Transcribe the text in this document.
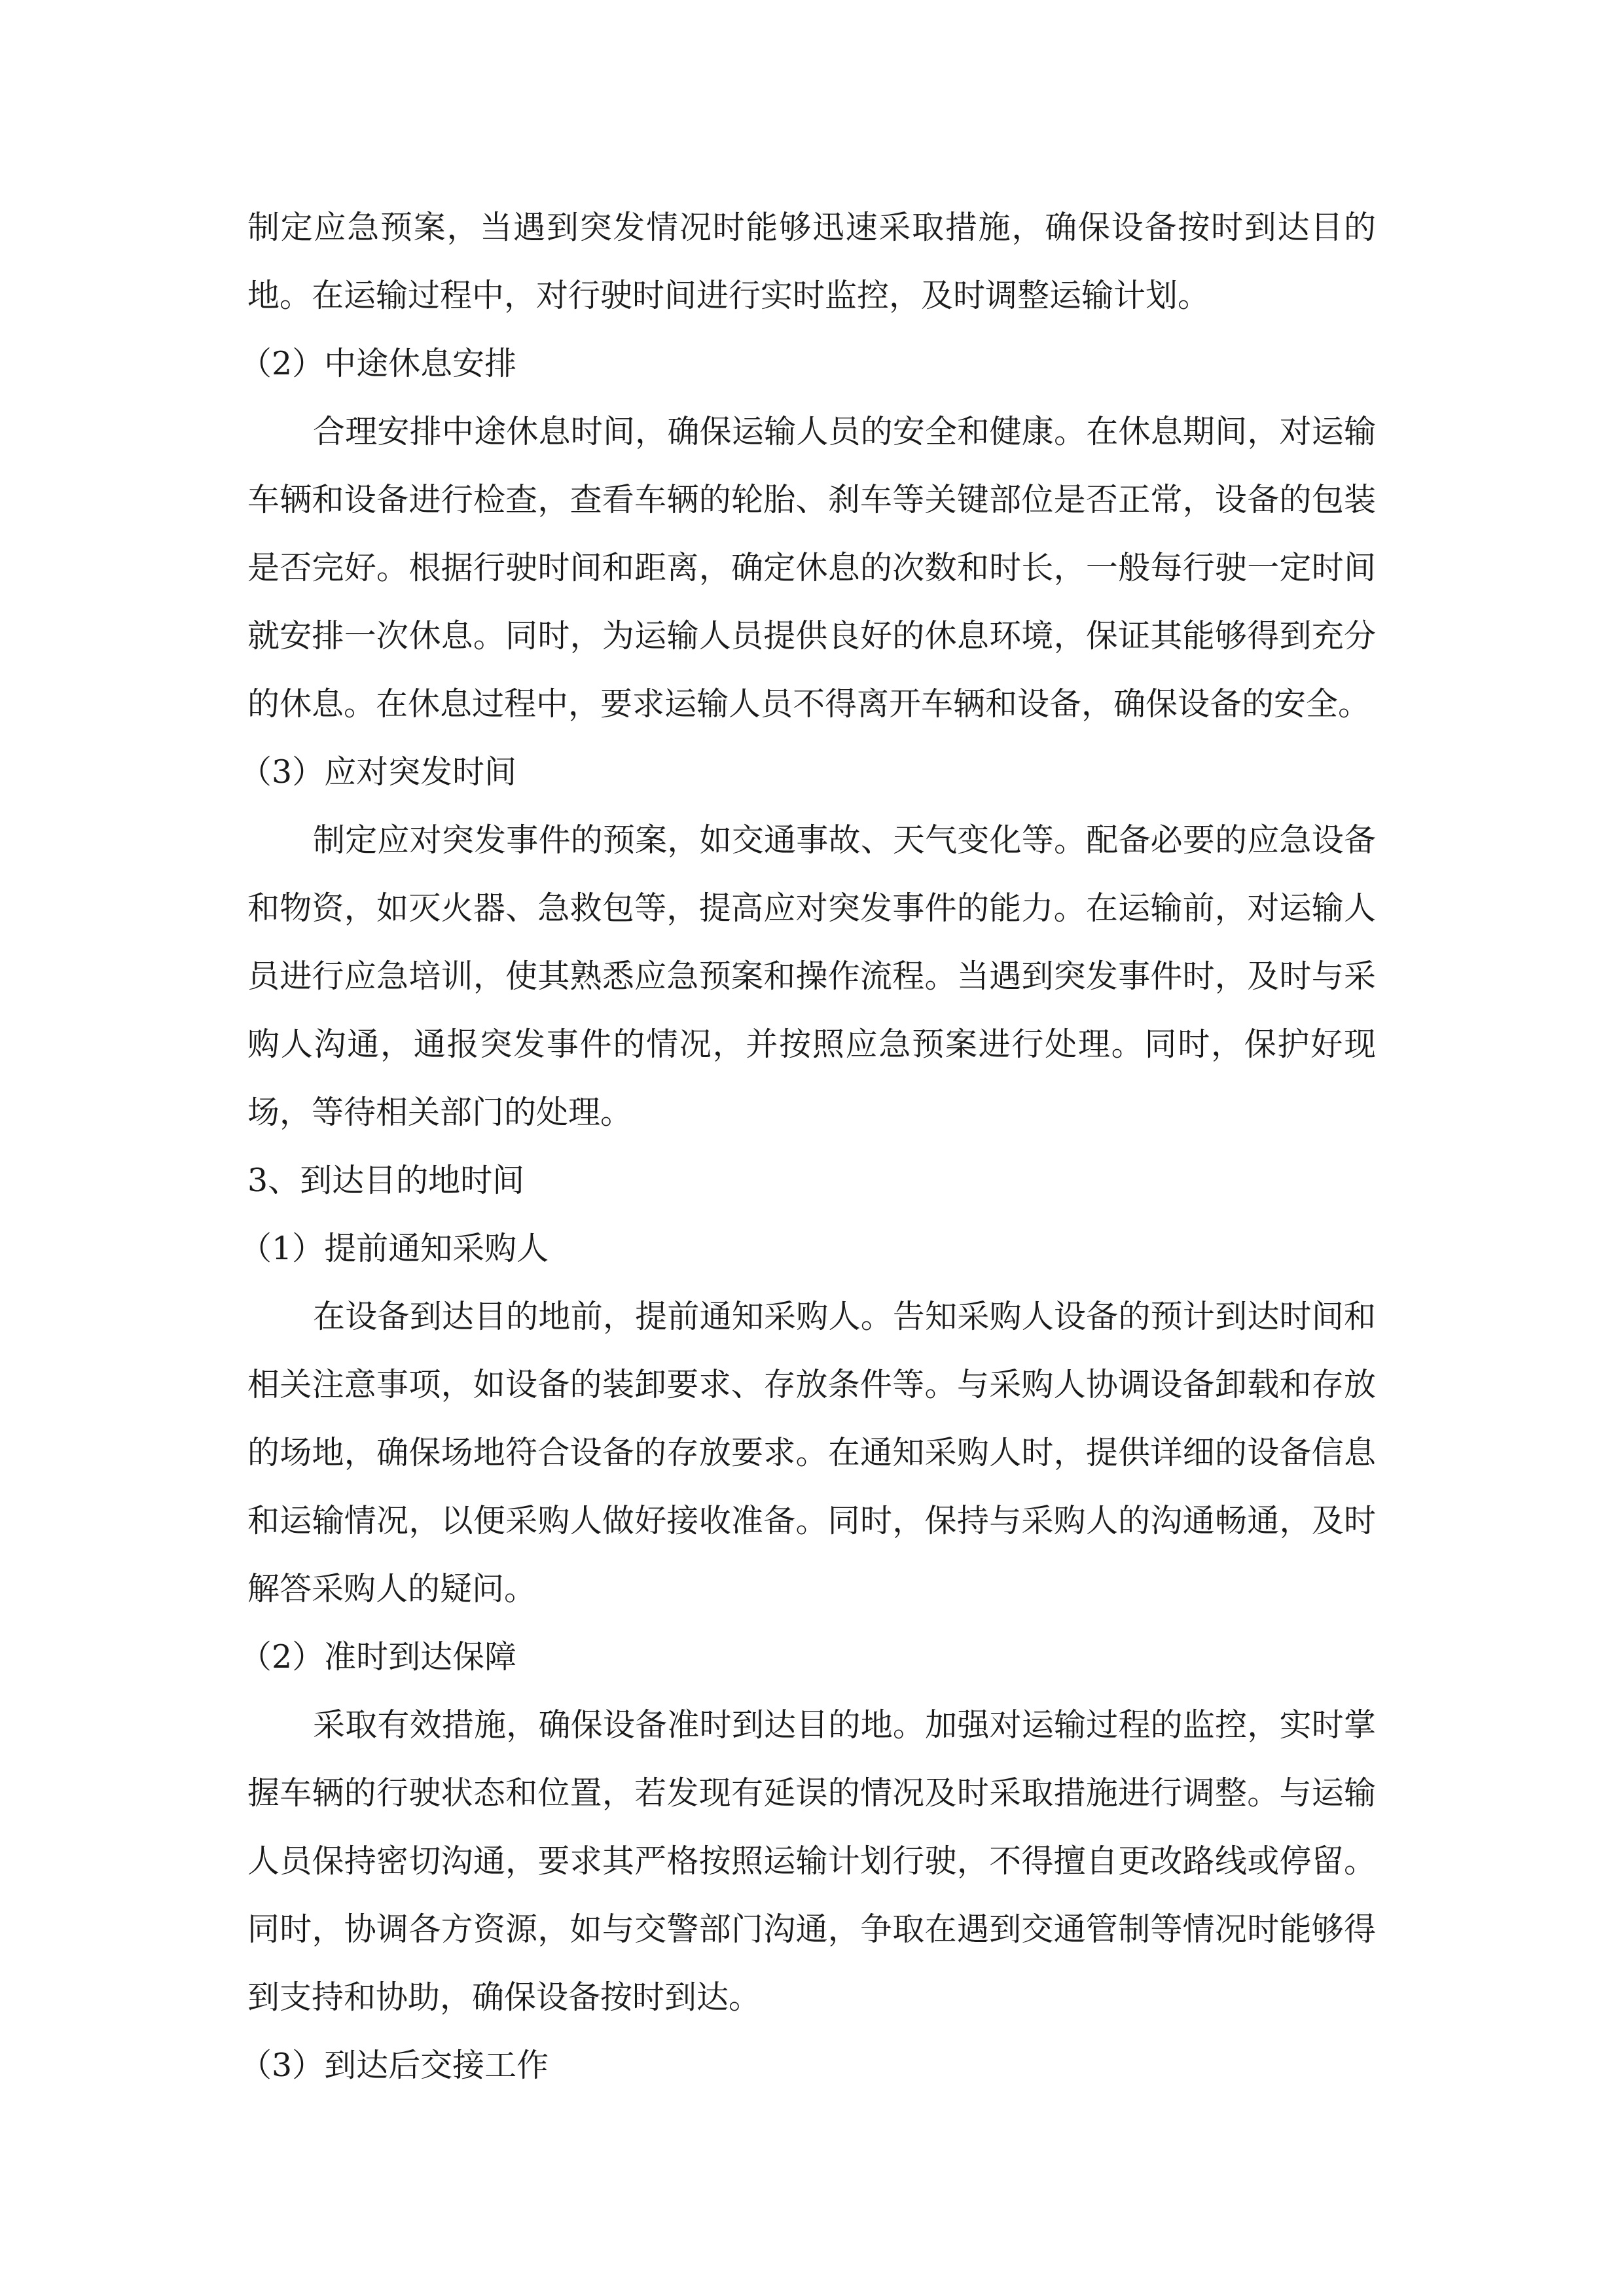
制定应急预案，当遇到突发情况时能够迅速采取措施，确保设备按时到达目的地。在运输过程中，对行驶时间进行实时监控，及时调整运输计划。

（2）中途休息安排

合理安排中途休息时间，确保运输人员的安全和健康。在休息期间，对运输车辆和设备进行检查，查看车辆的轮胎、刹车等关键部位是否正常，设备的包装是否完好。根据行驶时间和距离，确定休息的次数和时长，一般每行驶一定时间就安排一次休息。同时，为运输人员提供良好的休息环境，保证其能够得到充分的休息。在休息过程中，要求运输人员不得离开车辆和设备，确保设备的安全。

（3）应对突发时间

制定应对突发事件的预案，如交通事故、天气变化等。配备必要的应急设备和物资，如灭火器、急救包等，提高应对突发事件的能力。在运输前，对运输人员进行应急培训，使其熟悉应急预案和操作流程。当遇到突发事件时，及时与采购人沟通，通报突发事件的情况，并按照应急预案进行处理。同时，保护好现场，等待相关部门的处理。

3、到达目的地时间

（1）提前通知采购人

在设备到达目的地前，提前通知采购人。告知采购人设备的预计到达时间和相关注意事项，如设备的装卸要求、存放条件等。与采购人协调设备卸载和存放的场地，确保场地符合设备的存放要求。在通知采购人时，提供详细的设备信息和运输情况，以便采购人做好接收准备。同时，保持与采购人的沟通畅通，及时解答采购人的疑问。

（2）准时到达保障

采取有效措施，确保设备准时到达目的地。加强对运输过程的监控，实时掌握车辆的行驶状态和位置，若发现有延误的情况及时采取措施进行调整。与运输人员保持密切沟通，要求其严格按照运输计划行驶，不得擅自更改路线或停留。同时，协调各方资源，如与交警部门沟通，争取在遇到交通管制等情况时能够得到支持和协助，确保设备按时到达。

（3）到达后交接工作
